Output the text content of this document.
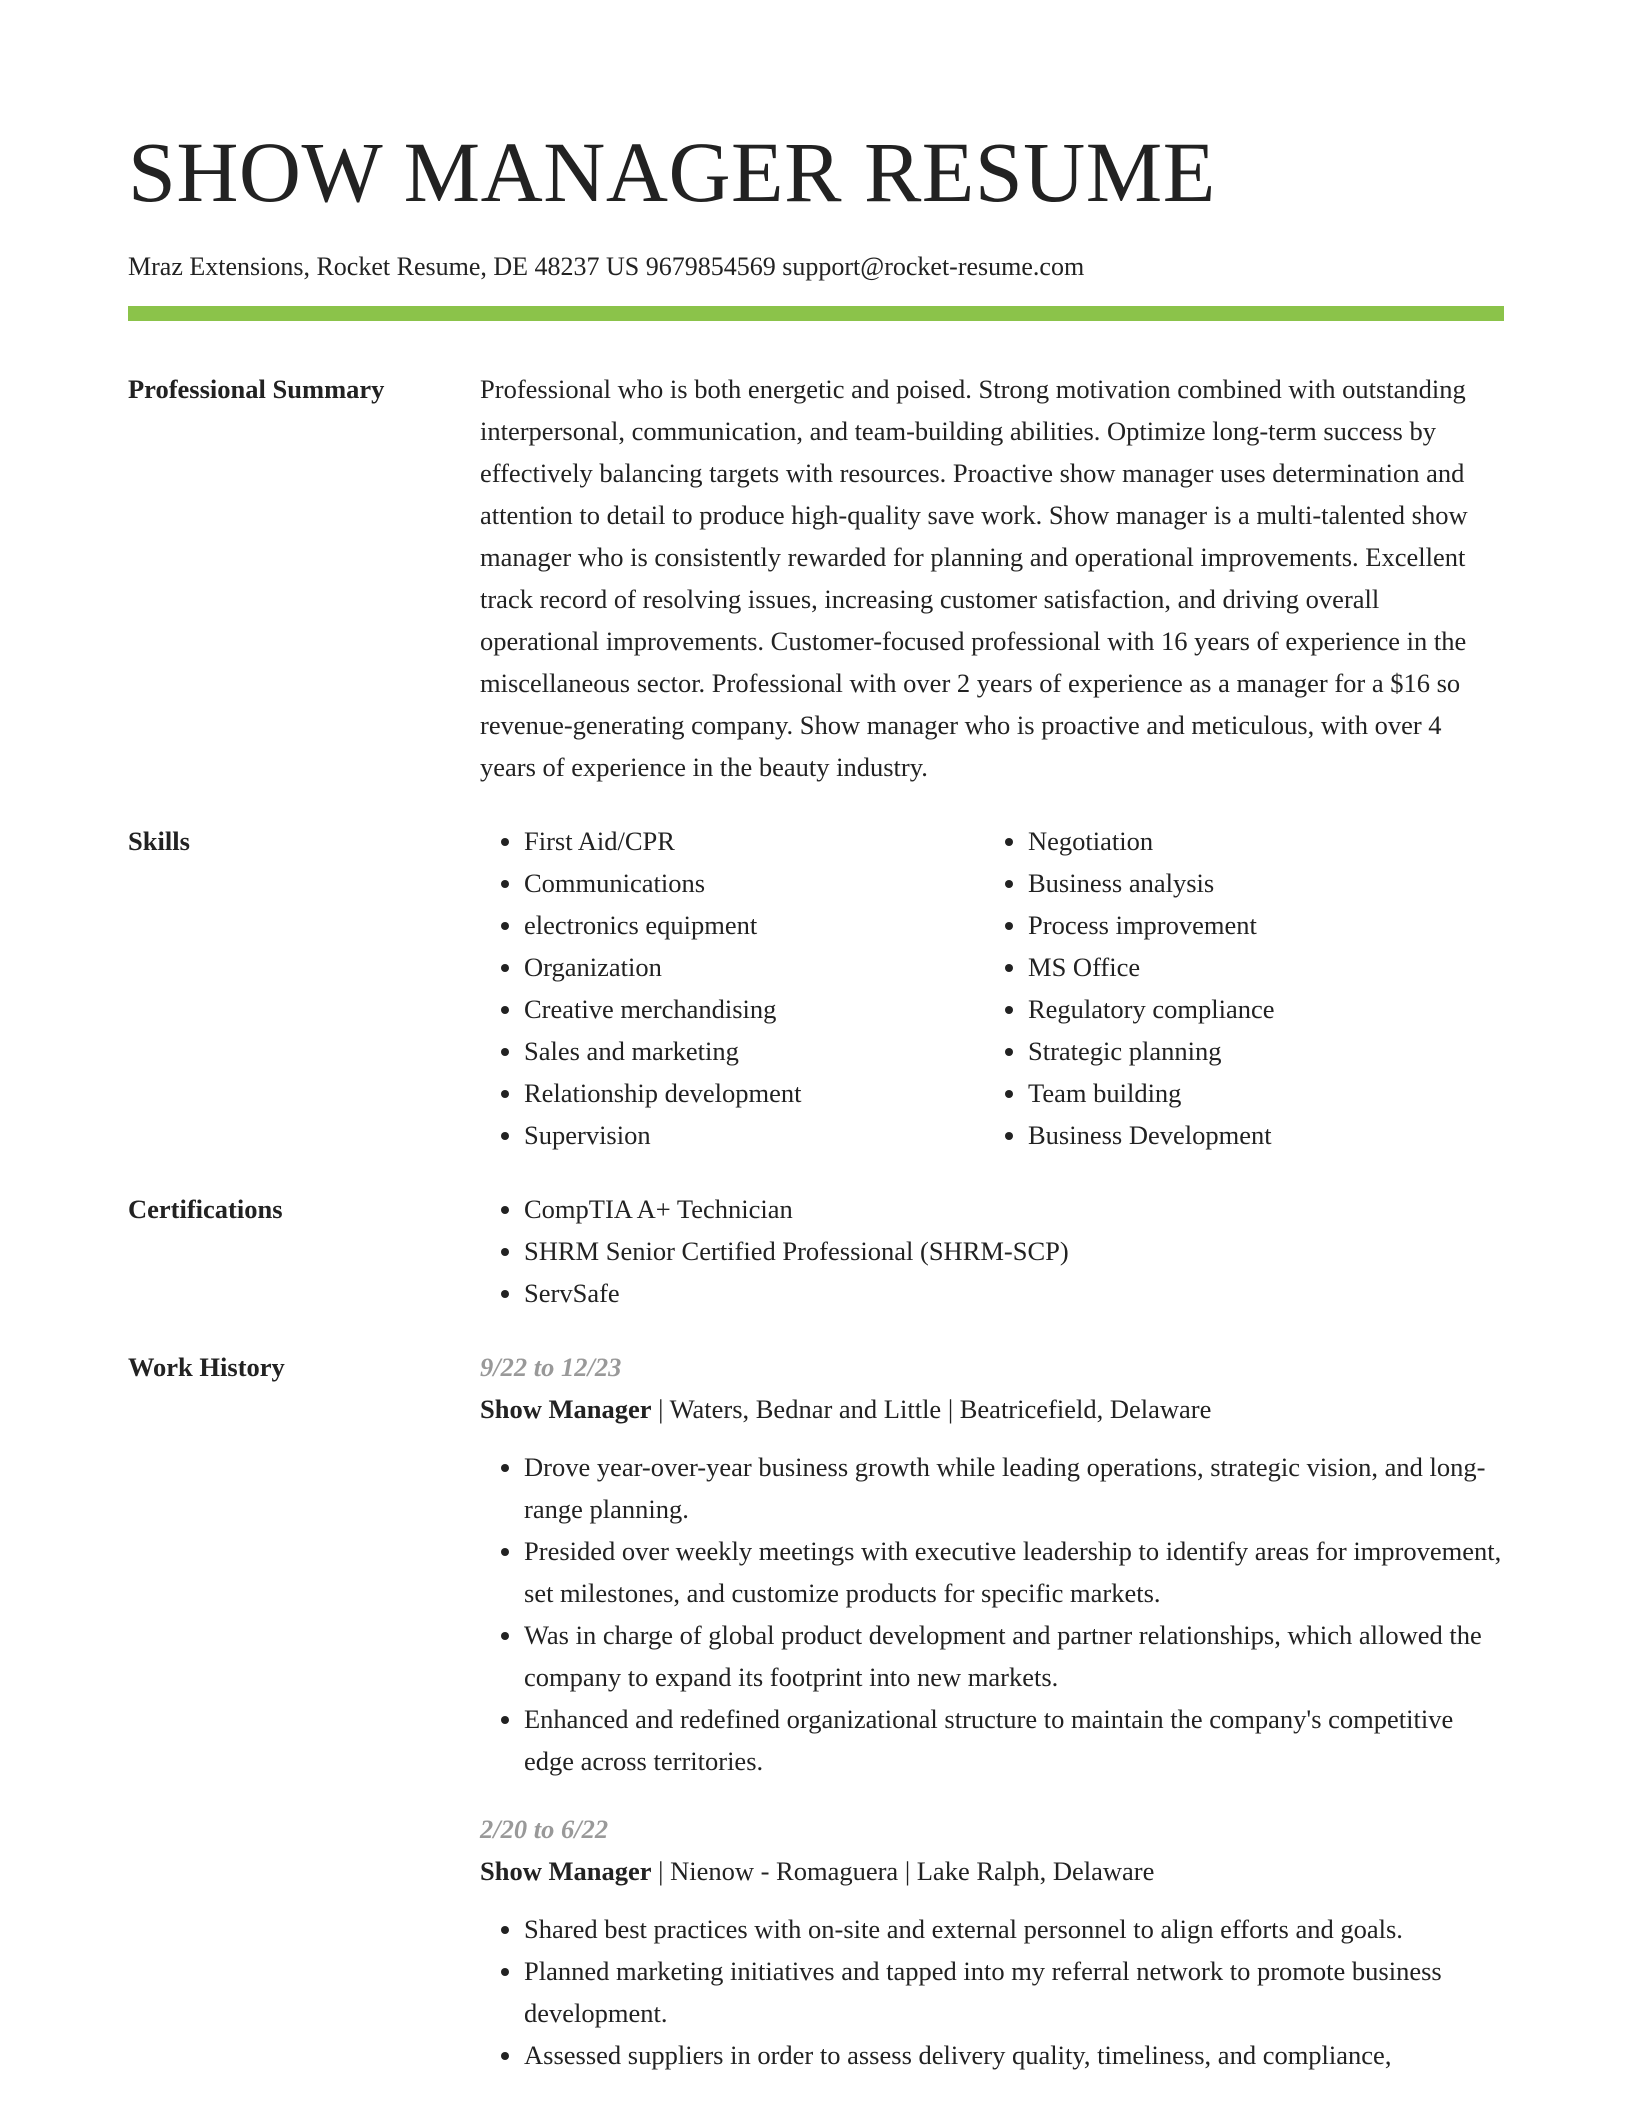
SHOW MANAGER RESUME
Mraz Extensions, Rocket Resume, DE 48237 US 9679854569 support@rocket-resume.com
Professional Summary	Professional who is both energetic and poised. Strong motivation combined with outstanding interpersonal, communication, and team-building abilities. Optimize long-term success by effectively balancing targets with resources. Proactive show manager uses determination and attention to detail to produce high-quality save work. Show manager is a multi-talented show manager who is consistently rewarded for planning and operational improvements. Excellent track record of resolving issues, increasing customer satisfaction, and driving overall operational improvements. Customer-focused professional with 16 years of experience in the miscellaneous sector. Professional with over 2 years of experience as a manager for a $16 so revenue-generating company. Show manager who is proactive and meticulous, with over 4 years of experience in the beauty industry.
Skills	• First Aid/CPR
• Communications
• electronics equipment
• Organization
• Creative merchandising
• Sales and marketing
• Relationship development
• Supervision
• Negotiation
• Business analysis
• Process improvement
• MS Office
• Regulatory compliance
• Strategic planning
• Team building
• Business Development
Certifications	• CompTIA A+ Technician
• SHRM Senior Certified Professional (SHRM-SCP)
• ServSafe
Work History	9/22 to 12/23
Show Manager | Waters, Bednar and Little | Beatricefield, Delaware
• Drove year-over-year business growth while leading operations, strategic vision, and long-range planning.
• Presided over weekly meetings with executive leadership to identify areas for improvement, set milestones, and customize products for specific markets.
• Was in charge of global product development and partner relationships, which allowed the company to expand its footprint into new markets.
• Enhanced and redefined organizational structure to maintain the company's competitive edge across territories.
2/20 to 6/22
Show Manager | Nienow - Romaguera | Lake Ralph, Delaware
• Shared best practices with on-site and external personnel to align efforts and goals.
• Planned marketing initiatives and tapped into my referral network to promote business development.
• Assessed suppliers in order to assess delivery quality, timeliness, and compliance,
